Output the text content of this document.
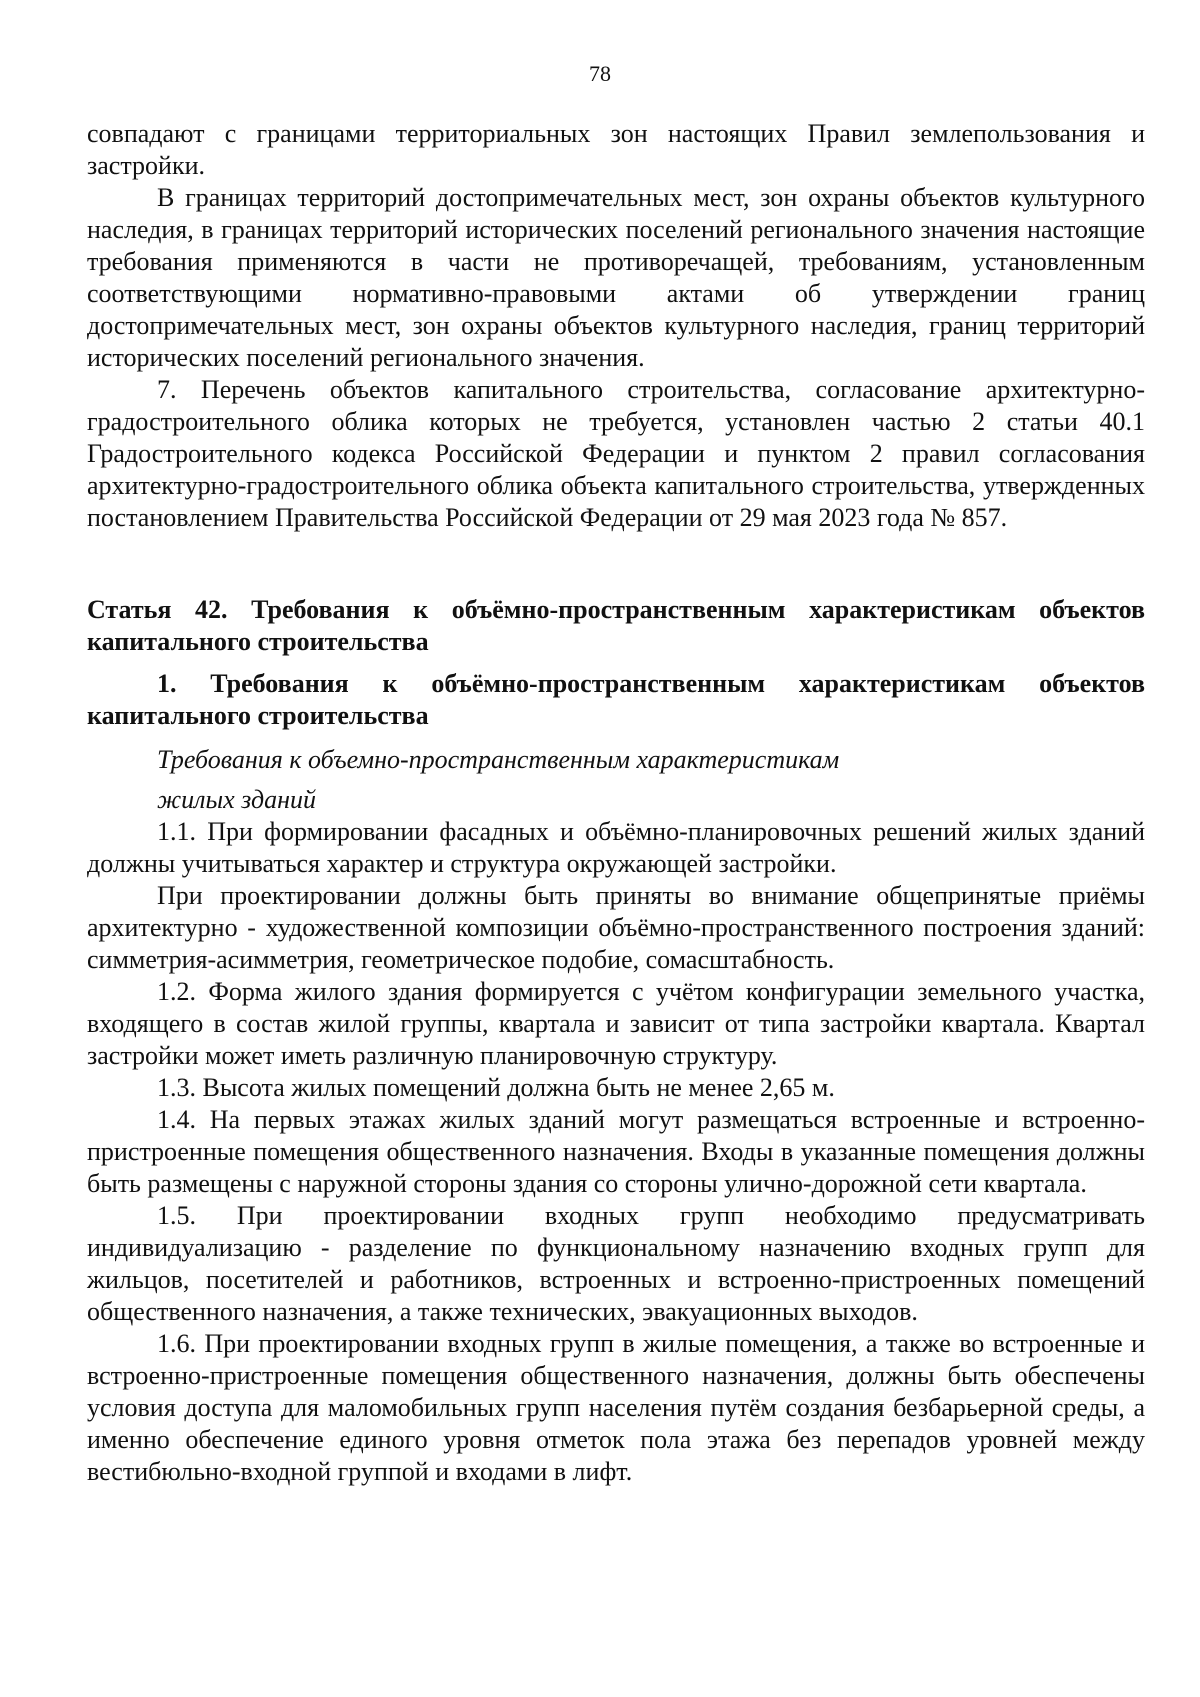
78

совпадают с границами территориальных зон настоящих Правил землепользования и застройки.

В границах территорий достопримечательных мест, зон охраны объектов культурного наследия, в границах территорий исторических поселений регионального значения настоящие требования применяются в части не противоречащей, требованиям, установленным соответствующими нормативно-правовыми актами об утверждении границ достопримечательных мест, зон охраны объектов культурного наследия, границ территорий исторических поселений регионального значения.

7. Перечень объектов капитального строительства, согласование архитектурно-градостроительного облика которых не требуется, установлен частью 2 статьи 40.1 Градостроительного кодекса Российской Федерации и пунктом 2 правил согласования архитектурно-градостроительного облика объекта капитального строительства, утвержденных постановлением Правительства Российской Федерации от 29 мая 2023 года № 857.

Статья 42. Требования к объёмно-пространственным характеристикам объектов капитального строительства

1. Требования к объёмно-пространственным характеристикам объектов капитального строительства

Требования к объемно-пространственным характеристикам

жилых зданий

1.1. При формировании фасадных и объёмно-планировочных решений жилых зданий должны учитываться характер и структура окружающей застройки.

При проектировании должны быть приняты во внимание общепринятые приёмы архитектурно - художественной композиции объёмно-пространственного построения зданий: симметрия-асимметрия, геометрическое подобие, сомасштабность.

1.2. Форма жилого здания формируется с учётом конфигурации земельного участка, входящего в состав жилой группы, квартала и зависит от типа застройки квартала. Квартал застройки может иметь различную планировочную структуру.

1.3. Высота жилых помещений должна быть не менее 2,65 м.

1.4. На первых этажах жилых зданий могут размещаться встроенные и встроенно-пристроенные помещения общественного назначения. Входы в указанные помещения должны быть размещены с наружной стороны здания со стороны улично-дорожной сети квартала.

1.5. При проектировании входных групп необходимо предусматривать индивидуализацию - разделение по функциональному назначению входных групп для жильцов, посетителей и работников, встроенных и встроенно-пристроенных помещений общественного назначения, а также технических, эвакуационных выходов.

1.6. При проектировании входных групп в жилые помещения, а также во встроенные и встроенно-пристроенные помещения общественного назначения, должны быть обеспечены условия доступа для маломобильных групп населения путём создания безбарьерной среды, а именно обеспечение единого уровня отметок пола этажа без перепадов уровней между вестибюльно-входной группой и входами в лифт.
